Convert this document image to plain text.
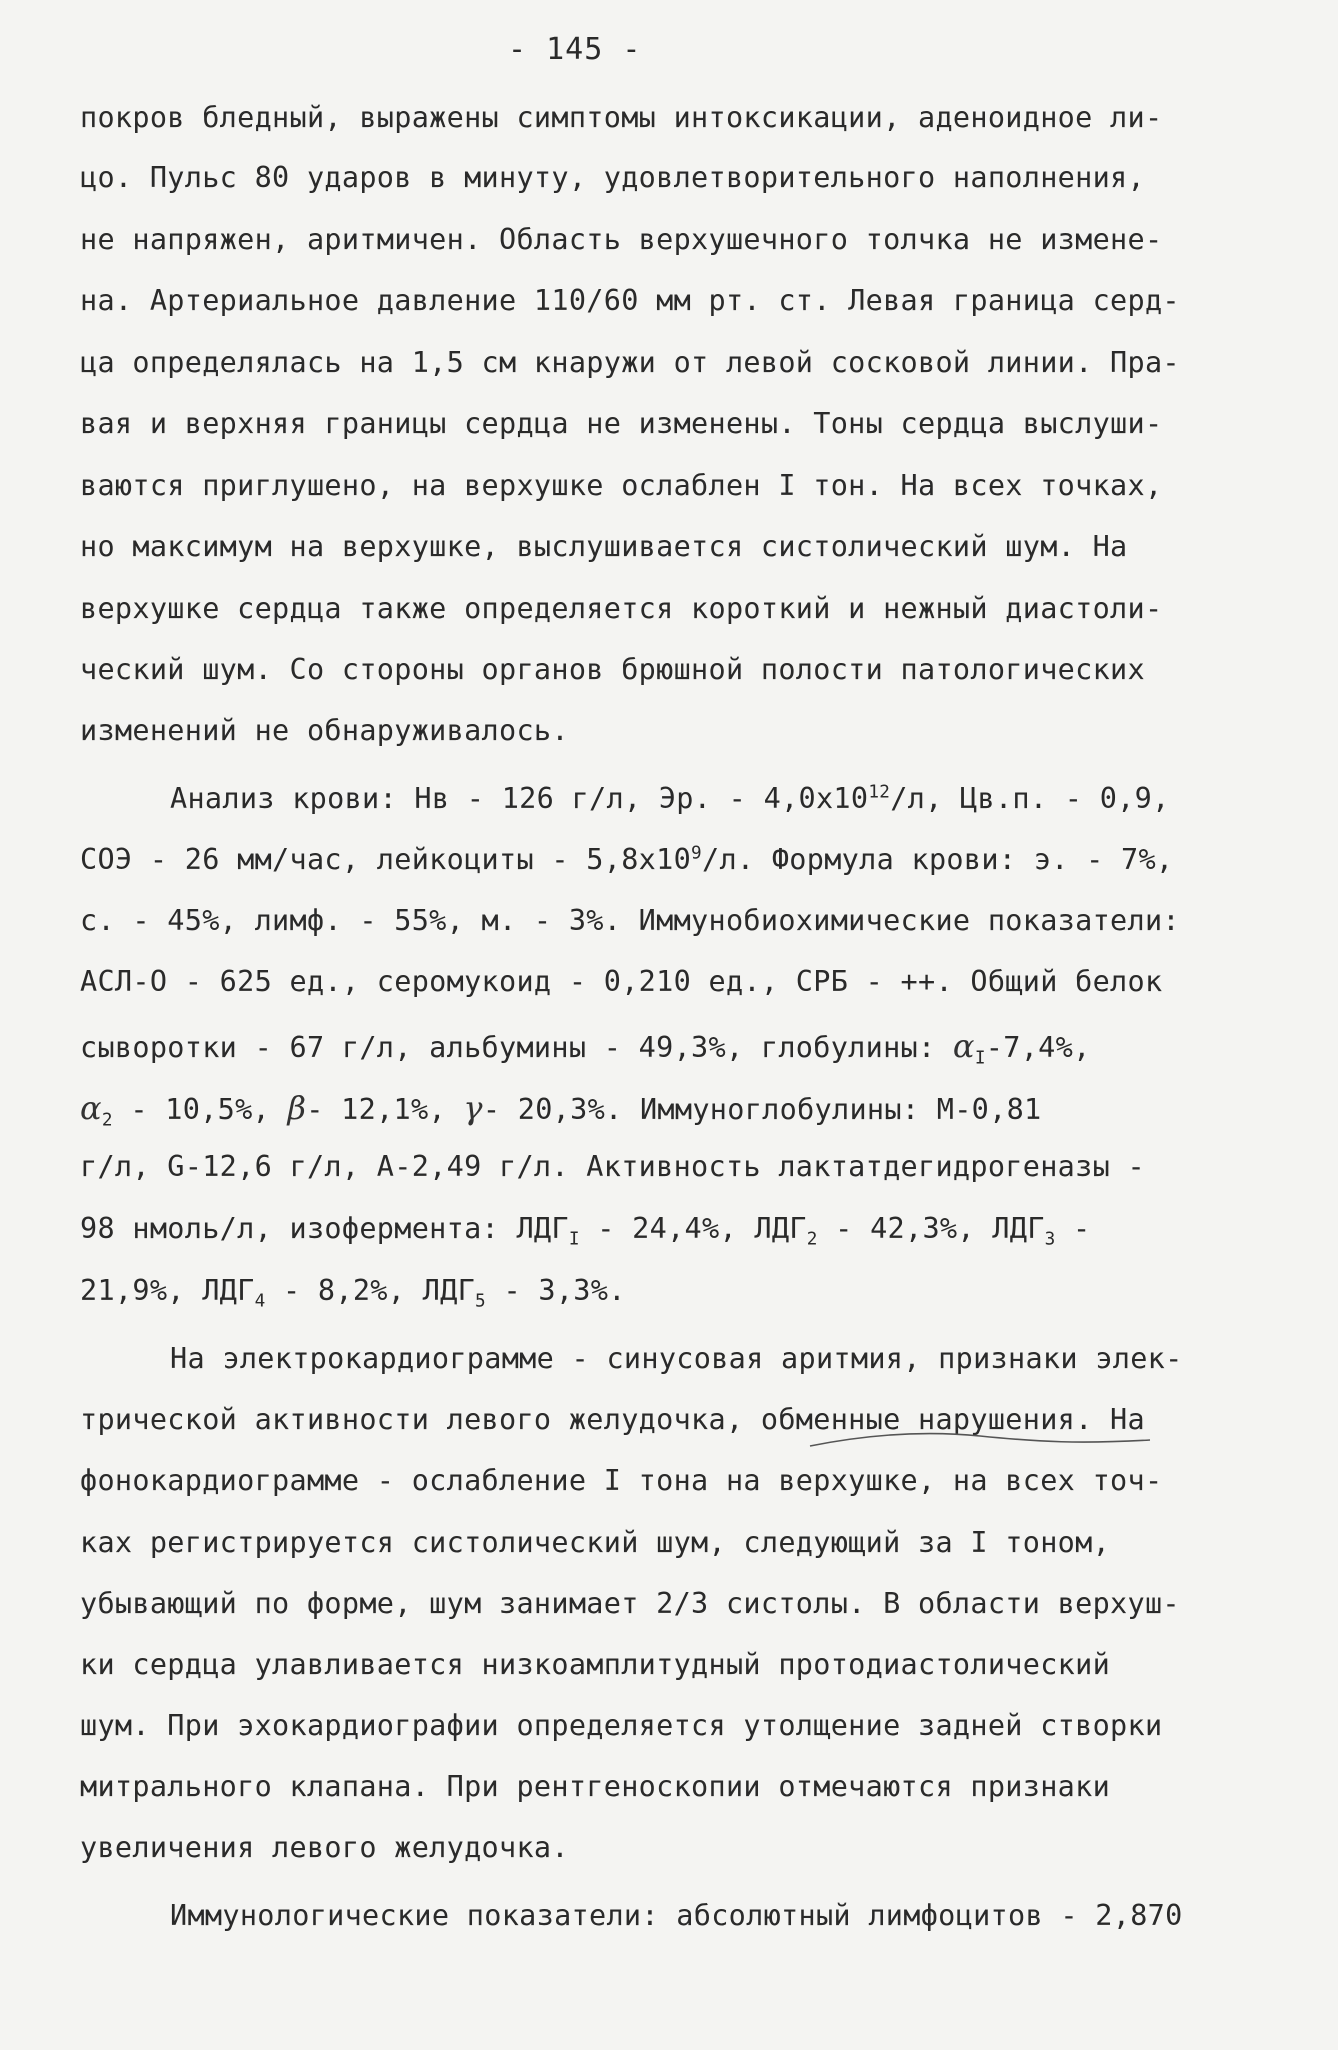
- 145 -
покров бледный, выражены симптомы интоксикации, аденоидное ли-
цо. Пульс 80 ударов в минуту, удовлетворительного наполнения,
не напряжен, аритмичен. Область верхушечного толчка не измене-
на. Артериальное давление 110/60 мм рт. ст. Левая граница серд-
ца определялась на 1,5 см кнаружи от левой сосковой линии. Пра-
вая и верхняя границы сердца не изменены. Тоны сердца выслуши-
ваются приглушено, на верхушке ослаблен I тон. На всех точках,
но максимум на верхушке, выслушивается систолический шум. На
верхушке сердца также определяется короткий и нежный диастоли-
ческий шум. Со стороны органов брюшной полости патологических
изменений не обнаруживалось.
Анализ крови: Нв - 126 г/л, Эр. - $4,0x10^{12}/л$, Цв.п. - 0,9,
СОЭ - 26 мм/час, лейкоциты - $5,8x10^9/л$. Формула крови: э. - 7%,
с. - 45%, лимф. - 55%, м. - 3%. Иммунобиохимические показатели:
АСЛ-О - 625 ед., серомукоид - 0,210 ед., СРБ - ++. Общий белок
сыворотки - 67 г/л, альбумины - 49,3%, глобулины: $\alpha_I-7,4\%$,
$\alpha_2 - 10,5\%$, β- 12,1%, γ- 20,3%. Иммуноглобулины: М-0,81
г/л, G-12,6 г/л, А-2,49 г/л. Активность лактатдегидрогеназы -
98 нмоль/л, изофермента: $ЛДГ_I - 24,4\%$, $ЛДГ_2 - 42,3\%$, $ЛДГ_3$ -
21,9%, $ЛДГ_4 - 8,2\%$, $ЛДГ_5 - 3,3\%$.
На электрокардиограмме - синусовая аритмия, признаки элек-
трической активности левого желудочка, обменные нарушения. На
фонокардиограмме - ослабление I тона на верхушке, на всех точ-
ках регистрируется систолический шум, следующий за I тоном,
убывающий по форме, шум занимает 2/3 систолы. В области верхуш-
ки сердца улавливается низкоамплитудный протодиастолический
шум. При эхокардиографии определяется утолщение задней створки
митрального клапана. При рентгеноскопии отмечаются признаки
увеличения левого желудочка.
Иммунологические показатели: абсолютный лимфоцитов - 2,870
